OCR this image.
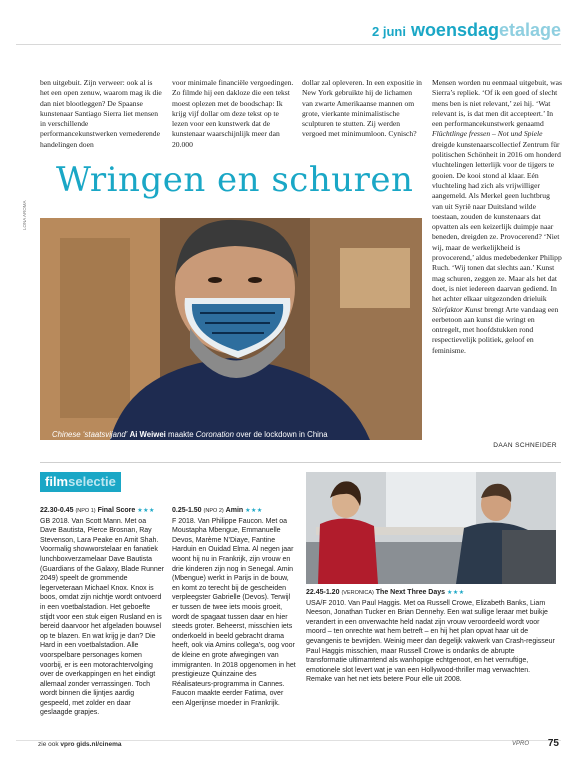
2 juni woensdagetalage
ben uitgebuit. Zijn verweer: ook al is het een open zenuw, waarom mag ik die dan niet blootleggen? De Spaanse kunstenaar Santiago Sierra liet mensen in verschillende performancekunstwerken vernederende handelingen doen
voor minimale financiële vergoedingen. Zo filmde hij een dakloze die een tekst moest oplezen met de boodschap: Ik krijg vijf dollar om deze tekst op te lezen voor een kunstwerk dat de kunstenaar waarschijnlijk meer dan 20.000
dollar zal opleveren. In een expositie in New York gebruikte hij de lichamen van zwarte Amerikaanse mannen om grote, vierkante minimalistische sculpturen te stutten. Zij werden vergoed met minimumloon. Cynisch?
Wringen en schuren
LONA AROMA
Chinese ‘staatsvijand’ Ai Weiwei maakte Coronation over de lockdown in China
Mensen worden nu eenmaal uitgebuit, was Sierra’s repliek. ‘Of ik een goed of slecht mens ben is niet relevant,’ zei hij. ‘Wat relevant is, is dat men dit accepteert.’ In een performancekunstwerk genaamd Flüchtlinge fressen – Not und Spiele dreigde kunstenaarscollectief Zentrum für politischen Schönheit in 2016 om honderd vluchtelingen letterlijk voor de tijgers te gooien. De kooi stond al klaar. Eén vluchteling had zich als vrijwilliger aangemeld. Als Merkel geen luchtbrug van uit Syrië naar Duitsland wilde toestaan, zouden de kunstenaars dat opvatten als een keizerlijk duimpje naar beneden, dreigden ze. Provocerend? ‘Niet wij, maar de werkelijkheid is provocerend,’ aldus medebedenker Philipp Ruch. ‘Wij tonen dat slechts aan.’ Kunst mag schuren, zeggen ze. Maar als het dat doet, is niet iedereen daarvan gediend. In het achter elkaar uitgezonden drieluik Störfaktor Kunst brengt Arte vandaag een eerbetoon aan kunst die wringt en ontregelt, met hoofdstukken rond respectievelijk politiek, geloof en feminisme.
DAAN SCHNEIDER
filmselectie
22.30-0.45 (NPO 1) Final Score ★★★
GB 2018. Van Scott Mann. Met oa Dave Bautista, Pierce Brosnan, Ray Stevenson, Lara Peake en Amit Shah. Voormalig showworstelaar en fanatiek lunchboxverzamelaar Dave Bautista (Guardians of the Galaxy, Blade Runner 2049) speelt de grommende legerveteraan Michael Knox. Knox is boos, omdat zijn nichtje wordt ontvoerd in een voetbalstadion. Het geboefte stijdt voor een stuk eigen Rusland en is bereid daarvoor het afgeladen bouwsel op te blazen. En wat krijg je dan? Die Hard in een voetbalstadion. Alle voorspelbare personages komen voorbij, er is een motorachtervolging over de overkappingen en het eindigt allemaal zonder verrassingen. Toch wordt binnen die lijntjes aardig gespeeld, met zolder en daar geslaagde grapjes.
0.25-1.50 (NPO 2) Amin ★★★
F 2018. Van Philippe Faucon. Met oa Moustapha Mbengue, Emmanuelle Devos, Marème N’Diaye, Fantine Harduin en Ouidad Elma. Al negen jaar woont hij nu in Frankrijk, zijn vrouw en drie kinderen zijn nog in Senegal. Amin (Mbengue) werkt in Parijs in de bouw, en komt zo terecht bij de gescheiden verpleegster Gabrielle (Devos). Terwijl er tussen de twee iets moois groeit, wordt de spagaat tussen daar en hier steeds groter. Beheerst, misschien iets onderkoeld in beeld gebracht drama heeft, ook via Amins collega’s, oog voor de kleine en grote afwegingen van immigranten. In 2018 opgenomen in het prestigieuze Quinzaine des Réalisateurs-programma in Cannes. Faucon maakte eerder Fatima, over een Algerijnse moeder in Frankrijk.
22.45-1.20 (VERONICA) The Next Three Days ★★★
USA/F 2010. Van Paul Haggis. Met oa Russell Crowe, Elizabeth Banks, Liam Neeson, Jonathan Tucker en Brian Dennehy. Een wat sullige leraar met buikje verandert in een onverwachte held nadat zijn vrouw veroordeeld wordt voor moord – ten onrechte wat hem betreft – en hij het plan opvat haar uit de gevangenis te bevrijden. Weinig meer dan degelijk vakwerk van Crash-regisseur Paul Haggis misschien, maar Russell Crowe is ondanks de abrupte transformatie ultimamtend als wanhopige echtgenoot, en het vernuftige, emotionele slot levert wat je van een Hollywood-thriller mag verwachten. Remake van het net iets betere Pour elle uit 2008.
zie ook vpro gids.nl/cinema	VPRO 75
